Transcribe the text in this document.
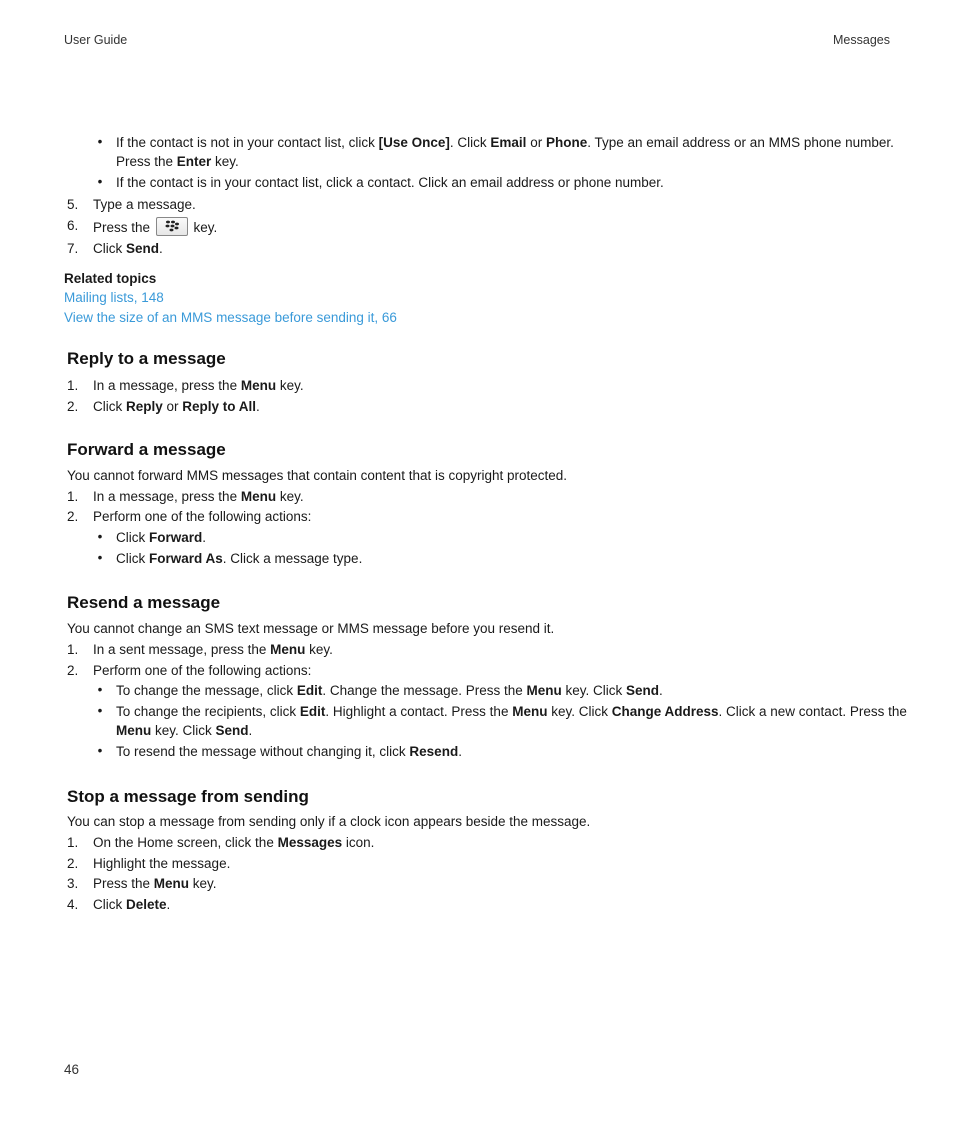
User Guide	Messages
• If the contact is not in your contact list, click [Use Once]. Click Email or Phone. Type an email address or an MMS phone number.
Press the Enter key.
• If the contact is in your contact list, click a contact. Click an email address or phone number.
5.	Type a message.
6.	Press the	key.
7.	Click Send.
Related topics
Mailing lists, 148
View the size of an MMS message before sending it, 66
Reply to a message
1.	In a message, press the Menu key.
2.	Click Reply or Reply to All.
Forward a message
You cannot forward MMS messages that contain content that is copyright protected.
1.	In a message, press the Menu key.
2.	Perform one of the following actions:
Click Forward.
•
• Click Forward As. Click a message type.
Resend a message
You cannot change an SMS text message or MMS message before you resend it.
1.	In a sent message, press the Menu key.
2.	Perform one of the following actions:
• To change the message, click Edit. Change the message. Press the Menu key. Click Send.
• To change the recipients, click Edit. Highlight a contact. Press the Menu key. Click Change Address. Click a new contact. Press the
Menu key. Click Send.
• To resend the message without changing it, click Resend.
Stop a message from sending
You can stop a message from sending only if a clock icon appears beside the message.
1.	On the Home screen, click the Messages icon.
2.	Highlight the message.
3.	Press the Menu key.
4.	Click Delete.
46
